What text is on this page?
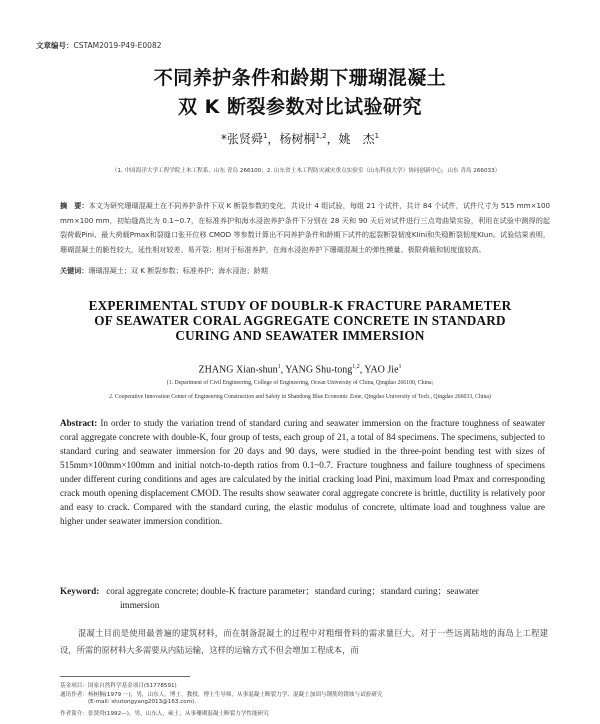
文章编号：CSTAM2019-P49-E0082
不同养护条件和龄期下珊瑚混凝土
双 K 断裂参数对比试验研究
*张贤舜$^1$，杨树桐$^{1,2}$，姚　杰$^1$
（1. 中国海洋大学工程学院土木工程系，山东 青岛 266100；2. 山东省土木工程防灾减灾重点实验室（山东科技大学）协同创新中心，山东 青岛 266033）
摘　要：本文为研究珊瑚混凝土在不同养护条件下双 K 断裂参数的变化，共设计 4 组试验，每组 21 个试件，共计 84 个试件，试件尺寸为 515 mm×100 mm×100 mm，初始缝高比为 0.1~0.7，在标准养护和海水浸泡养护条件下分别在 28 天和 90 天后对试件进行三点弯曲梁实验，利用在试验中测得的起裂荷载Pini、最大荷载Pmax和裂缝口张开位移 CMOD 等参数计算出不同养护条件和龄期下试件的起裂断裂韧度KIini和失稳断裂韧度KIun。试验结果表明，珊瑚混凝土的脆性较大，延性相对较差、易开裂；相对于标准养护，在海水浸泡养护下珊瑚混凝土的弹性模量、极限荷载和韧度值较高。
关键词：珊瑚混凝土；双 K 断裂参数；标准养护；海水浸泡；龄期
EXPERIMENTAL STUDY OF DOUBLR-K FRACTURE PARAMETER
OF SEAWATER CORAL AGGREGATE CONCRETE IN STANDARD
CURING AND SEAWATER IMMERSION
ZHANG Xian-shun$^1$, YANG Shu-tong$^{1,2}$, YAO Jie$^1$
(1. Department of Civil Engineering, College of Engineering, Ocean University of China, Qingdao 266100, China;
2. Cooperative Innovation Center of Engineering Construction and Safety in Shandong Blue Economic Zone, Qingdao University of Tech., Qingdao 266033, China)
Abstract: In order to study the variation trend of standard curing and seawater immersion on the fracture toughness of seawater coral aggregate concrete with double-K, four group of tests, each group of 21, a total of 84 specimens. The specimens, subjected to standard curing and seawater immersion for 20 days and 90 days, were studied in the three-point bending test with sizes of 515mm×100mm×100mm and initial notch-to-depth ratios from 0.1~0.7. Fracture toughness and failure toughness of specimens under different curing conditions and ages are calculated by the initial cracking load Pini, maximum load Pmax and corresponding crack mouth opening displacement CMOD. The results show seawater coral aggregate concrete is brittle, ductility is relatively poor and easy to crack. Compared with the standard curing, the elastic modulus of concrete, ultimate load and toughness value are higher under seawater immersion condition.
Keyword: coral aggregate concrete; double-K fracture parameter；standard curing；standard curing；seawater
immersion
混凝土目前是使用最普遍的建筑材料，而在制备混凝土的过程中对粗细骨料的需求量巨大。对于一些远离陆地的海岛上工程建设，所需的原材料大多需要从内陆运输，这样的运输方式不但会增加工程成本，而
基金项目：国家自然科学基金项目(51778591)
通讯作者：杨树桐(1979 －)，男，山东人，博士，教授，博士生导师，从事混凝土断裂力学、混凝土加固与钢筋的锈蚀与试验研究
(E-mail: shutongyang2013@163.com).
作者简介：张贤舜(1992—)，男，山东人，硕士，从事珊瑚混凝土断裂力学性能研究
